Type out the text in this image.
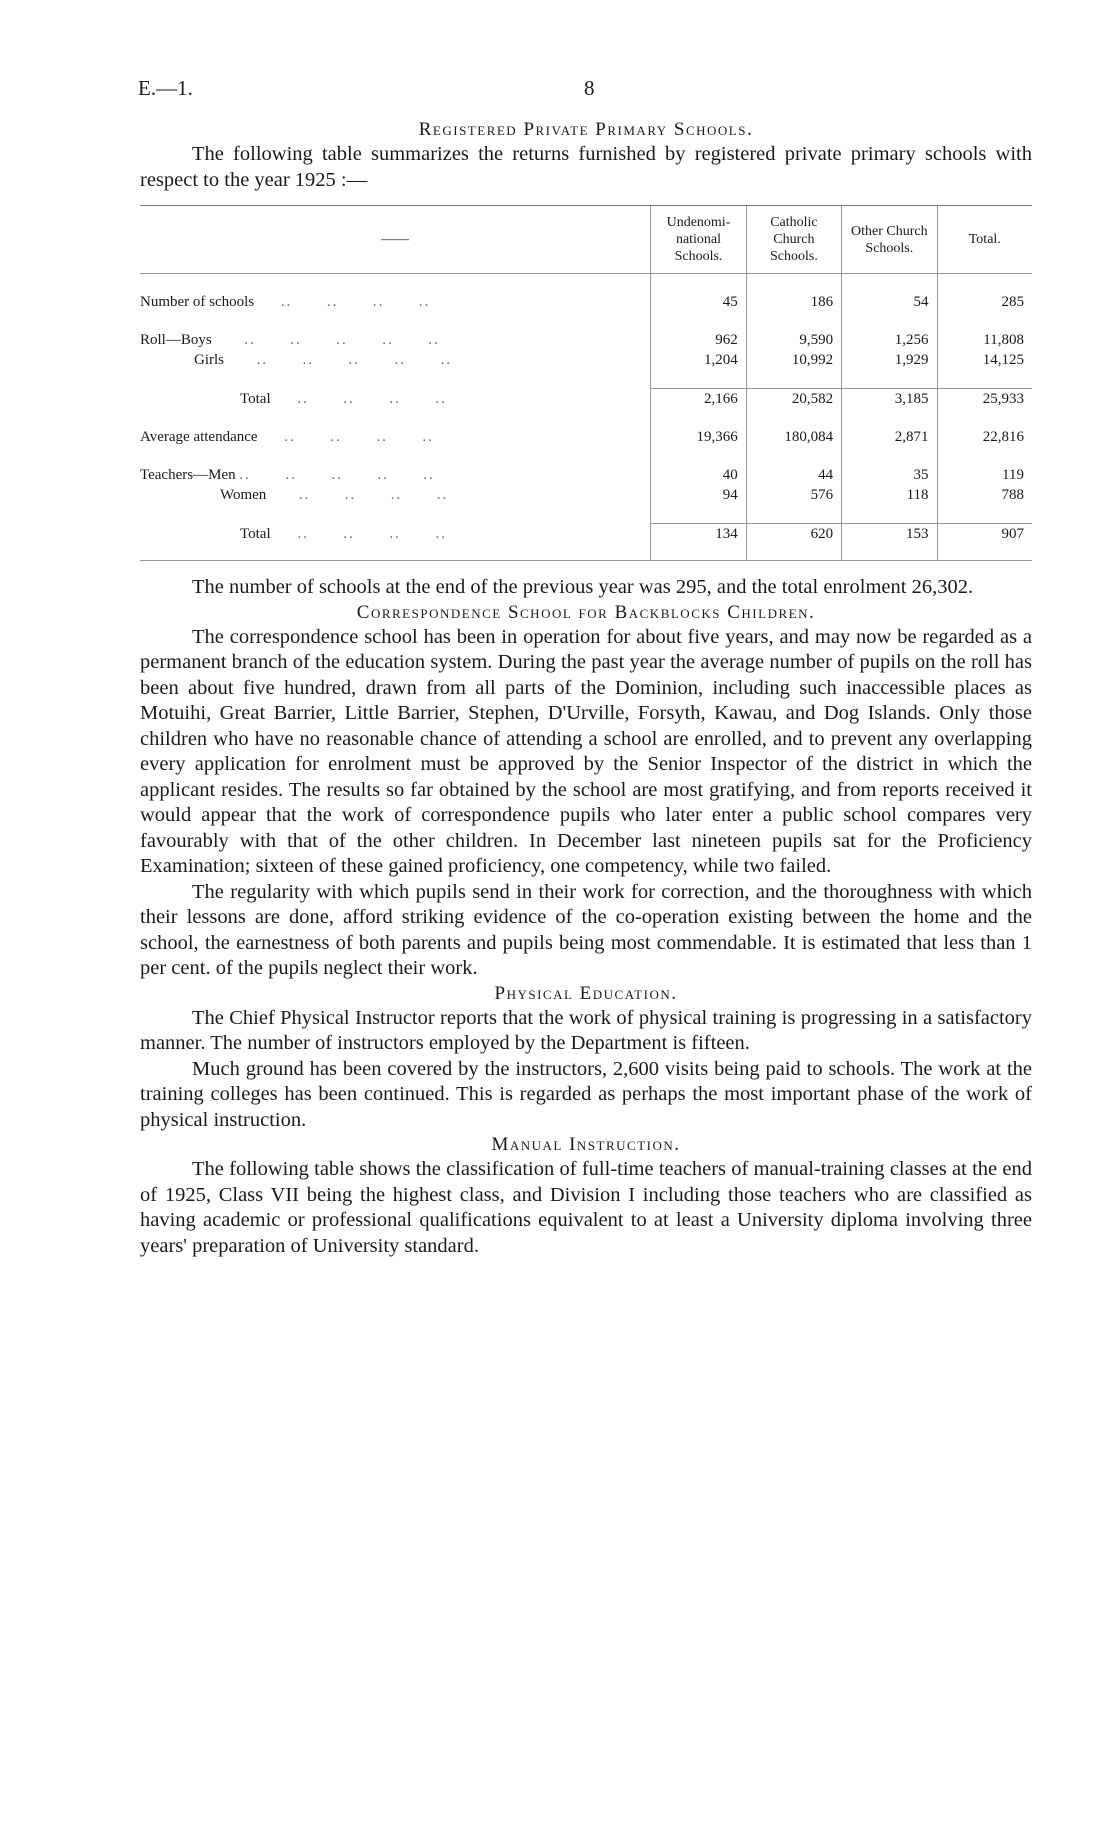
E.—1.	8
Registered Private Primary Schools.

The following table summarizes the returns furnished by registered private primary schools with respect to the year 1925 :—

——	Undenominational Schools.	Catholic Church Schools.	Other Church Schools.	Total.

Number of schools     ..      ..      ..      ..	45	186	54	285

Roll—Boys      ..      ..      ..      ..      ..	962	9,590	1,256	11,808
Girls      ..      ..      ..      ..      ..	1,204	10,992	1,929	14,125

Total     ..      ..      ..      ..	2,166	20,582	3,185	25,933

Average attendance     ..      ..      ..      ..	19,366	180,084	2,871	22,816

Teachers—Men ..      ..      ..      ..      ..	40	44	35	119
Women      ..      ..      ..      ..	94	576	118	788

Total     ..      ..      ..      ..	134	620	153	907

The number of schools at the end of the previous year was 295, and the total enrolment 26,302.

Correspondence School for Backblocks Children.

The correspondence school has been in operation for about five years, and may now be regarded as a permanent branch of the education system. During the past year the average number of pupils on the roll has been about five hundred, drawn from all parts of the Dominion, including such inaccessible places as Motuihi, Great Barrier, Little Barrier, Stephen, D'Urville, Forsyth, Kawau, and Dog Islands. Only those children who have no reasonable chance of attending a school are enrolled, and to prevent any overlapping every application for enrolment must be approved by the Senior Inspector of the district in which the applicant resides. The results so far obtained by the school are most gratifying, and from reports received it would appear that the work of correspondence pupils who later enter a public school compares very favourably with that of the other children. In December last nineteen pupils sat for the Proficiency Examination; sixteen of these gained proficiency, one competency, while two failed.

The regularity with which pupils send in their work for correction, and the thoroughness with which their lessons are done, afford striking evidence of the co-operation existing between the home and the school, the earnestness of both parents and pupils being most commendable. It is estimated that less than 1 per cent. of the pupils neglect their work.

Physical Education.

The Chief Physical Instructor reports that the work of physical training is progressing in a satisfactory manner. The number of instructors employed by the Department is fifteen.

Much ground has been covered by the instructors, 2,600 visits being paid to schools. The work at the training colleges has been continued. This is regarded as perhaps the most important phase of the work of physical instruction.

Manual Instruction.

The following table shows the classification of full-time teachers of manual-training classes at the end of 1925, Class VII being the highest class, and Division I including those teachers who are classified as having academic or professional qualifications equivalent to at least a University diploma involving three years' preparation of University standard.
